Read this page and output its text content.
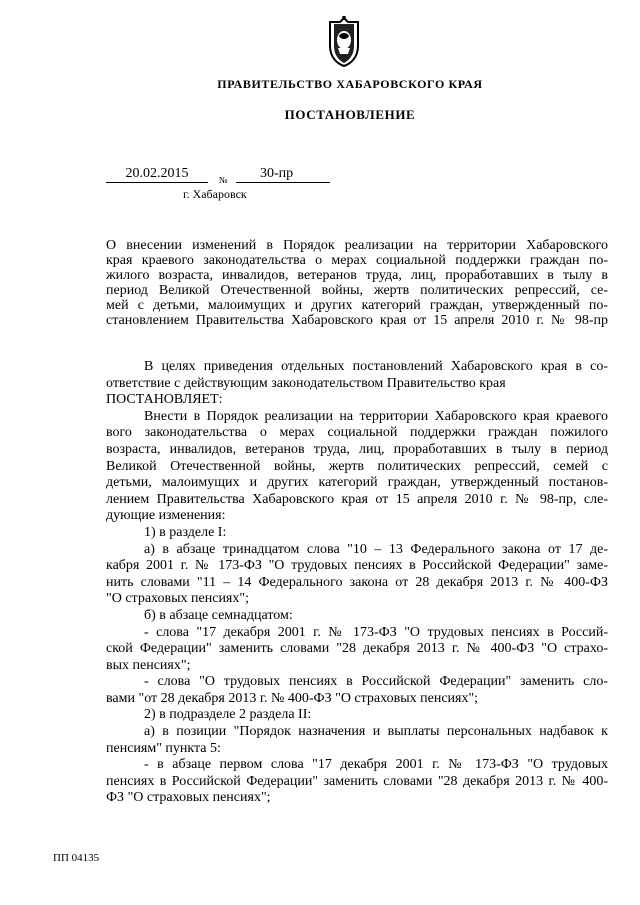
ПРАВИТЕЛЬСТВО ХАБАРОВСКОГО КРАЯ
ПОСТАНОВЛЕНИЕ
20.02.2015	№	30-пр
г. Хабаровск
О внесении изменений в Порядок реализации на территории Хабаровского
края краевого законодательства о мерах социальной поддержки граждан по-
жилого возраста, инвалидов, ветеранов труда, лиц, проработавших в тылу в
период Великой Отечественной войны, жертв политических репрессий, се-
мей с детьми, малоимущих и других категорий граждан, утвержденный по-
становлением Правительства Хабаровского края от 15 апреля 2010 г. № 98-пр
В целях приведения отдельных постановлений Хабаровского края в со-
ответствие с действующим законодательством Правительство края
ПОСТАНОВЛЯЕТ:
Внести в Порядок реализации на территории Хабаровского края краевого
вого законодательства о мерах социальной поддержки граждан пожилого
возраста, инвалидов, ветеранов труда, лиц, проработавших в тылу в период
Великой Отечественной войны, жертв политических репрессий, семей с
детьми, малоимущих и других категорий граждан, утвержденный постанов-
лением Правительства Хабаровского края от 15 апреля 2010 г. № 98-пр, сле-
дующие изменения:
1) в разделе I:
а) в абзаце тринадцатом слова "10 – 13 Федерального закона от 17 де-
кабря 2001 г. № 173-ФЗ "О трудовых пенсиях в Российской Федерации" заме-
нить словами "11 – 14 Федерального закона от 28 декабря 2013 г. № 400-ФЗ
"О страховых пенсиях";
б) в абзаце семнадцатом:
- слова "17 декабря 2001 г. № 173-ФЗ "О трудовых пенсиях в Россий-
ской Федерации" заменить словами "28 декабря 2013 г. № 400-ФЗ "О страхо-
вых пенсиях";
- слова "О трудовых пенсиях в Российской Федерации" заменить сло-
вами "от 28 декабря 2013 г. № 400-ФЗ "О страховых пенсиях";
2) в подразделе 2 раздела II:
а) в позиции "Порядок назначения и выплаты персональных надбавок к
пенсиям" пункта 5:
- в абзаце первом слова "17 декабря 2001 г. № 173-ФЗ "О трудовых
пенсиях в Российской Федерации" заменить словами "28 декабря 2013 г. № 400-
ФЗ "О страховых пенсиях";
ПП 04135
